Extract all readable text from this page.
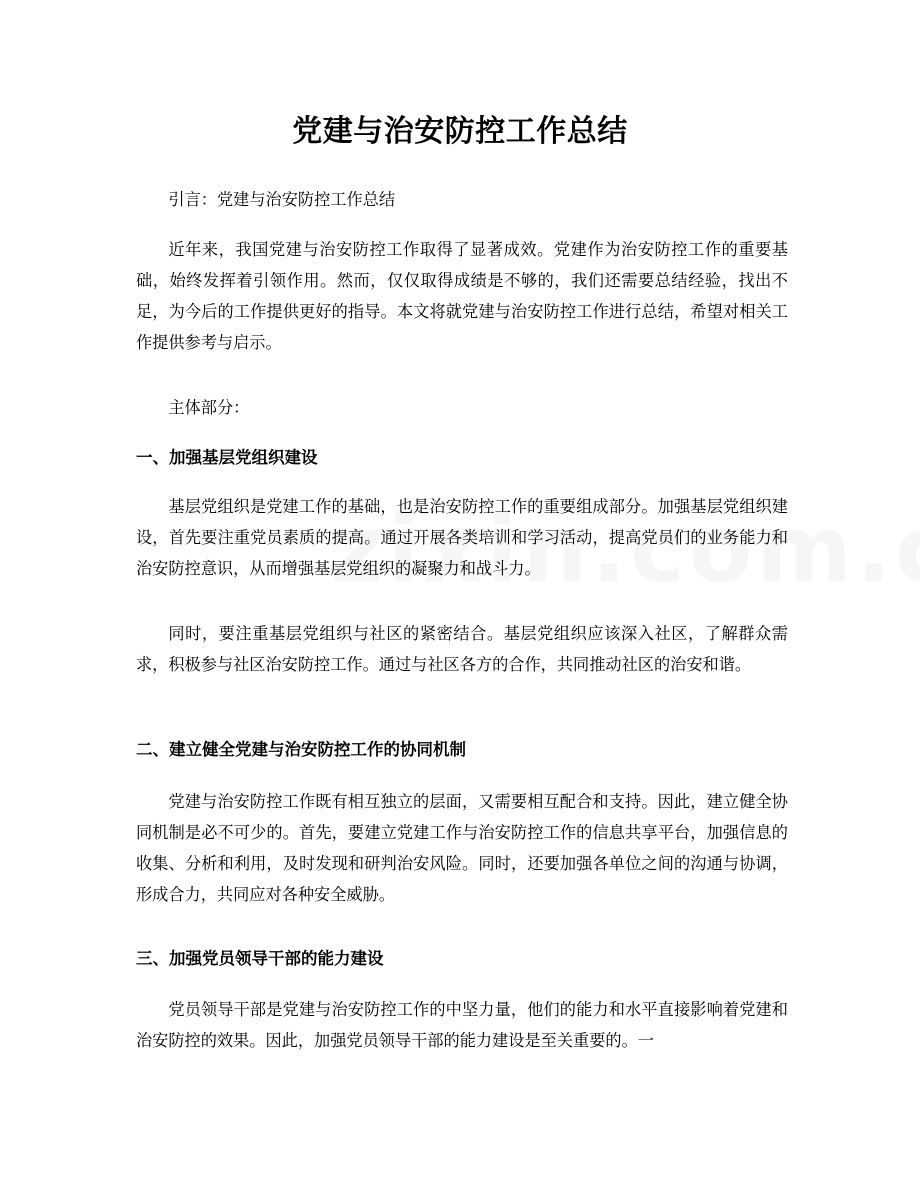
党建与治安防控工作总结

引言：党建与治安防控工作总结

近年来，我国党建与治安防控工作取得了显著成效。党建作为治安防控工作的重要基础，始终发挥着引领作用。然而，仅仅取得成绩是不够的，我们还需要总结经验，找出不足，为今后的工作提供更好的指导。本文将就党建与治安防控工作进行总结，希望对相关工作提供参考与启示。

主体部分：

一、加强基层党组织建设

基层党组织是党建工作的基础，也是治安防控工作的重要组成部分。加强基层党组织建设，首先要注重党员素质的提高。通过开展各类培训和学习活动，提高党员们的业务能力和治安防控意识，从而增强基层党组织的凝聚力和战斗力。

同时，要注重基层党组织与社区的紧密结合。基层党组织应该深入社区，了解群众需求，积极参与社区治安防控工作。通过与社区各方的合作，共同推动社区的治安和谐。

二、建立健全党建与治安防控工作的协同机制

党建与治安防控工作既有相互独立的层面，又需要相互配合和支持。因此，建立健全协同机制是必不可少的。首先，要建立党建工作与治安防控工作的信息共享平台，加强信息的收集、分析和利用，及时发现和研判治安风险。同时，还要加强各单位之间的沟通与协调，形成合力，共同应对各种安全威胁。

三、加强党员领导干部的能力建设

党员领导干部是党建与治安防控工作的中坚力量，他们的能力和水平直接影响着党建和治安防控的效果。因此，加强党员领导干部的能力建设是至关重要的。一
